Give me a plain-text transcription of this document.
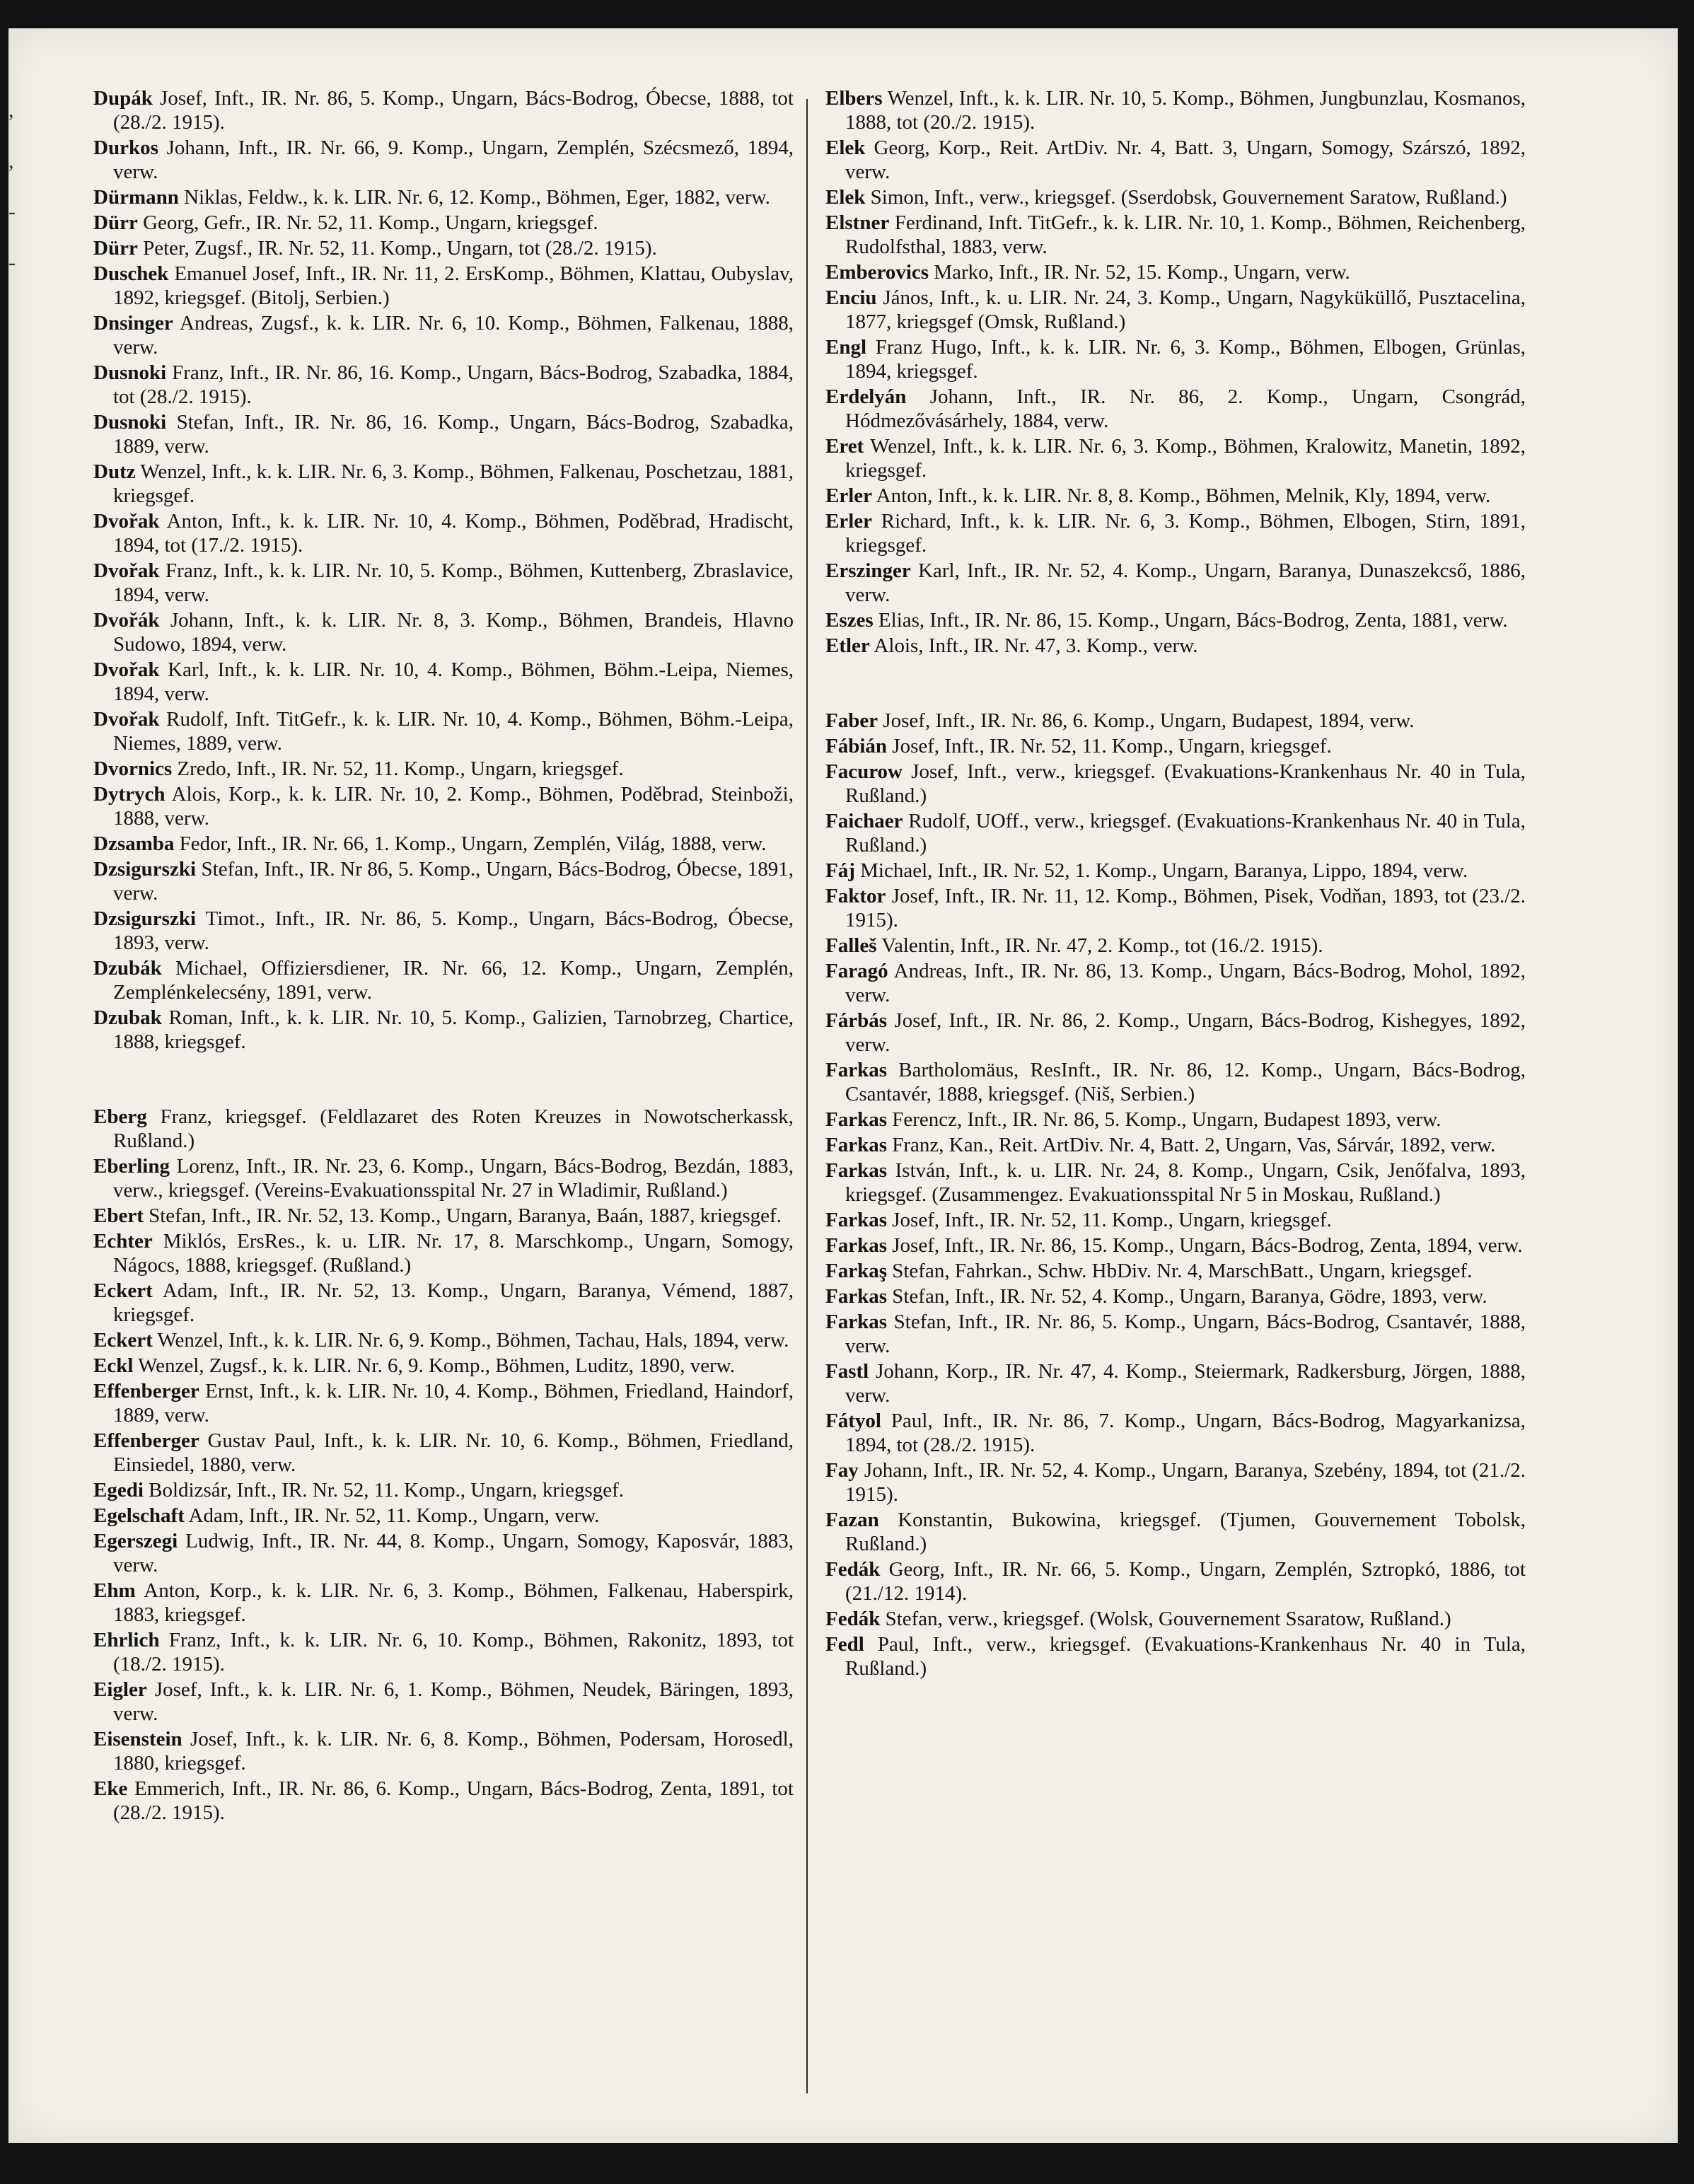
,
,
-
-

Dupák Josef, Inft., IR. Nr. 86, 5. Komp., Ungarn, Bács-Bodrog, Óbecse, 1888, tot (28./2. 1915).

Durkos Johann, Inft., IR. Nr. 66, 9. Komp., Ungarn, Zemplén, Szécsmező, 1894, verw.

Dürmann Niklas, Feldw., k. k. LIR. Nr. 6, 12. Komp., Böhmen, Eger, 1882, verw.

Dürr Georg, Gefr., IR. Nr. 52, 11. Komp., Ungarn, kriegsgef.

Dürr Peter, Zugsf., IR. Nr. 52, 11. Komp., Ungarn, tot (28./2. 1915).

Duschek Emanuel Josef, Inft., IR. Nr. 11, 2. ErsKomp., Böhmen, Klattau, Oubyslav, 1892, kriegsgef. (Bitolj, Serbien.)

Dnsinger Andreas, Zugsf., k. k. LIR. Nr. 6, 10. Komp., Böhmen, Falkenau, 1888, verw.

Dusnoki Franz, Inft., IR. Nr. 86, 16. Komp., Ungarn, Bács-Bodrog, Szabadka, 1884, tot (28./2. 1915).

Dusnoki Stefan, Inft., IR. Nr. 86, 16. Komp., Ungarn, Bács-Bodrog, Szabadka, 1889, verw.

Dutz Wenzel, Inft., k. k. LIR. Nr. 6, 3. Komp., Böhmen, Falkenau, Poschetzau, 1881, kriegsgef.

Dvořak Anton, Inft., k. k. LIR. Nr. 10, 4. Komp., Böhmen, Poděbrad, Hradischt, 1894, tot (17./2. 1915).

Dvořak Franz, Inft., k. k. LIR. Nr. 10, 5. Komp., Böhmen, Kuttenberg, Zbraslavice, 1894, verw.

Dvořák Johann, Inft., k. k. LIR. Nr. 8, 3. Komp., Böhmen, Brandeis, Hlavno Sudowo, 1894, verw.

Dvořak Karl, Inft., k. k. LIR. Nr. 10, 4. Komp., Böhmen, Böhm.-Leipa, Niemes, 1894, verw.

Dvořak Rudolf, Inft. TitGefr., k. k. LIR. Nr. 10, 4. Komp., Böhmen, Böhm.-Leipa, Niemes, 1889, verw.

Dvornics Zredo, Inft., IR. Nr. 52, 11. Komp., Ungarn, kriegsgef.

Dytrych Alois, Korp., k. k. LIR. Nr. 10, 2. Komp., Böhmen, Poděbrad, Steinboži, 1888, verw.

Dzsamba Fedor, Inft., IR. Nr. 66, 1. Komp., Ungarn, Zemplén, Világ, 1888, verw.

Dzsigurszki Stefan, Inft., IR. Nr 86, 5. Komp., Ungarn, Bács-Bodrog, Óbecse, 1891, verw.

Dzsigurszki Timot., Inft., IR. Nr. 86, 5. Komp., Ungarn, Bács-Bodrog, Óbecse, 1893, verw.

Dzubák Michael, Offiziersdiener, IR. Nr. 66, 12. Komp., Ungarn, Zemplén, Zemplénkelecsény, 1891, verw.

Dzubak Roman, Inft., k. k. LIR. Nr. 10, 5. Komp., Galizien, Tarnobrzeg, Chartice, 1888, kriegsgef.

Eberg Franz, kriegsgef. (Feldlazaret des Roten Kreuzes in Nowotscherkassk, Rußland.)

Eberling Lorenz, Inft., IR. Nr. 23, 6. Komp., Ungarn, Bács-Bodrog, Bezdán, 1883, verw., kriegsgef. (Vereins-Evakuationsspital Nr. 27 in Wladimir, Rußland.)

Ebert Stefan, Inft., IR. Nr. 52, 13. Komp., Ungarn, Baranya, Baán, 1887, kriegsgef.

Echter Miklós, ErsRes., k. u. LIR. Nr. 17, 8. Marschkomp., Ungarn, Somogy, Nágocs, 1888, kriegsgef. (Rußland.)

Eckert Adam, Inft., IR. Nr. 52, 13. Komp., Ungarn, Baranya, Vémend, 1887, kriegsgef.

Eckert Wenzel, Inft., k. k. LIR. Nr. 6, 9. Komp., Böhmen, Tachau, Hals, 1894, verw.

Eckl Wenzel, Zugsf., k. k. LIR. Nr. 6, 9. Komp., Böhmen, Luditz, 1890, verw.

Effenberger Ernst, Inft., k. k. LIR. Nr. 10, 4. Komp., Böhmen, Friedland, Haindorf, 1889, verw.

Effenberger Gustav Paul, Inft., k. k. LIR. Nr. 10, 6. Komp., Böhmen, Friedland, Einsiedel, 1880, verw.

Egedi Boldizsár, Inft., IR. Nr. 52, 11. Komp., Ungarn, kriegsgef.

Egelschaft Adam, Inft., IR. Nr. 52, 11. Komp., Ungarn, verw.

Egerszegi Ludwig, Inft., IR. Nr. 44, 8. Komp., Ungarn, Somogy, Kaposvár, 1883, verw.

Ehm Anton, Korp., k. k. LIR. Nr. 6, 3. Komp., Böhmen, Falkenau, Haberspirk, 1883, kriegsgef.

Ehrlich Franz, Inft., k. k. LIR. Nr. 6, 10. Komp., Böhmen, Rakonitz, 1893, tot (18./2. 1915).

Eigler Josef, Inft., k. k. LIR. Nr. 6, 1. Komp., Böhmen, Neudek, Bäringen, 1893, verw.

Eisenstein Josef, Inft., k. k. LIR. Nr. 6, 8. Komp., Böhmen, Podersam, Horosedl, 1880, kriegsgef.

Eke Emmerich, Inft., IR. Nr. 86, 6. Komp., Ungarn, Bács-Bodrog, Zenta, 1891, tot (28./2. 1915).

Elbers Wenzel, Inft., k. k. LIR. Nr. 10, 5. Komp., Böhmen, Jungbunzlau, Kosmanos, 1888, tot (20./2. 1915).

Elek Georg, Korp., Reit. ArtDiv. Nr. 4, Batt. 3, Ungarn, Somogy, Szárszó, 1892, verw.

Elek Simon, Inft., verw., kriegsgef. (Sserdobsk, Gouvernement Saratow, Rußland.)

Elstner Ferdinand, Inft. TitGefr., k. k. LIR. Nr. 10, 1. Komp., Böhmen, Reichenberg, Rudolfsthal, 1883, verw.

Emberovics Marko, Inft., IR. Nr. 52, 15. Komp., Ungarn, verw.

Enciu János, Inft., k. u. LIR. Nr. 24, 3. Komp., Ungarn, Nagyküküllő, Pusztacelina, 1877, kriegsgef (Omsk, Rußland.)

Engl Franz Hugo, Inft., k. k. LIR. Nr. 6, 3. Komp., Böhmen, Elbogen, Grünlas, 1894, kriegsgef.

Erdelyán Johann, Inft., IR. Nr. 86, 2. Komp., Ungarn, Csongrád, Hódmezővásárhely, 1884, verw.

Eret Wenzel, Inft., k. k. LIR. Nr. 6, 3. Komp., Böhmen, Kralowitz, Manetin, 1892, kriegsgef.

Erler Anton, Inft., k. k. LIR. Nr. 8, 8. Komp., Böhmen, Melnik, Kly, 1894, verw.

Erler Richard, Inft., k. k. LIR. Nr. 6, 3. Komp., Böhmen, Elbogen, Stirn, 1891, kriegsgef.

Erszinger Karl, Inft., IR. Nr. 52, 4. Komp., Ungarn, Baranya, Dunaszekcső, 1886, verw.

Eszes Elias, Inft., IR. Nr. 86, 15. Komp., Ungarn, Bács-Bodrog, Zenta, 1881, verw.

Etler Alois, Inft., IR. Nr. 47, 3. Komp., verw.

Faber Josef, Inft., IR. Nr. 86, 6. Komp., Ungarn, Budapest, 1894, verw.

Fábián Josef, Inft., IR. Nr. 52, 11. Komp., Ungarn, kriegsgef.

Facurow Josef, Inft., verw., kriegsgef. (Evakuations-Krankenhaus Nr. 40 in Tula, Rußland.)

Faichaer Rudolf, UOff., verw., kriegsgef. (Evakuations-Krankenhaus Nr. 40 in Tula, Rußland.)

Fáj Michael, Inft., IR. Nr. 52, 1. Komp., Ungarn, Baranya, Lippo, 1894, verw.

Faktor Josef, Inft., IR. Nr. 11, 12. Komp., Böhmen, Pisek, Vodňan, 1893, tot (23./2. 1915).

Falleš Valentin, Inft., IR. Nr. 47, 2. Komp., tot (16./2. 1915).

Faragó Andreas, Inft., IR. Nr. 86, 13. Komp., Ungarn, Bács-Bodrog, Mohol, 1892, verw.

Fárbás Josef, Inft., IR. Nr. 86, 2. Komp., Ungarn, Bács-Bodrog, Kishegyes, 1892, verw.

Farkas Bartholomäus, ResInft., IR. Nr. 86, 12. Komp., Ungarn, Bács-Bodrog, Csantavér, 1888, kriegsgef. (Niš, Serbien.)

Farkas Ferencz, Inft., IR. Nr. 86, 5. Komp., Ungarn, Budapest 1893, verw.

Farkas Franz, Kan., Reit. ArtDiv. Nr. 4, Batt. 2, Ungarn, Vas, Sárvár, 1892, verw.

Farkas István, Inft., k. u. LIR. Nr. 24, 8. Komp., Ungarn, Csik, Jenőfalva, 1893, kriegsgef. (Zusammengez. Evakuationsspital Nr 5 in Moskau, Rußland.)

Farkas Josef, Inft., IR. Nr. 52, 11. Komp., Ungarn, kriegsgef.

Farkas Josef, Inft., IR. Nr. 86, 15. Komp., Ungarn, Bács-Bodrog, Zenta, 1894, verw.

Farkaş Stefan, Fahrkan., Schw. HbDiv. Nr. 4, MarschBatt., Ungarn, kriegsgef.

Farkas Stefan, Inft., IR. Nr. 52, 4. Komp., Ungarn, Baranya, Gödre, 1893, verw.

Farkas Stefan, Inft., IR. Nr. 86, 5. Komp., Ungarn, Bács-Bodrog, Csantavér, 1888, verw.

Fastl Johann, Korp., IR. Nr. 47, 4. Komp., Steiermark, Radkersburg, Jörgen, 1888, verw.

Fátyol Paul, Inft., IR. Nr. 86, 7. Komp., Ungarn, Bács-Bodrog, Magyarkanizsa, 1894, tot (28./2. 1915).

Fay Johann, Inft., IR. Nr. 52, 4. Komp., Ungarn, Baranya, Szebény, 1894, tot (21./2. 1915).

Fazan Konstantin, Bukowina, kriegsgef. (Tjumen, Gouvernement Tobolsk, Rußland.)

Fedák Georg, Inft., IR. Nr. 66, 5. Komp., Ungarn, Zemplén, Sztropkó, 1886, tot (21./12. 1914).

Fedák Stefan, verw., kriegsgef. (Wolsk, Gouvernement Ssaratow, Rußland.)

Fedl Paul, Inft., verw., kriegsgef. (Evakuations-Krankenhaus Nr. 40 in Tula, Rußland.)
